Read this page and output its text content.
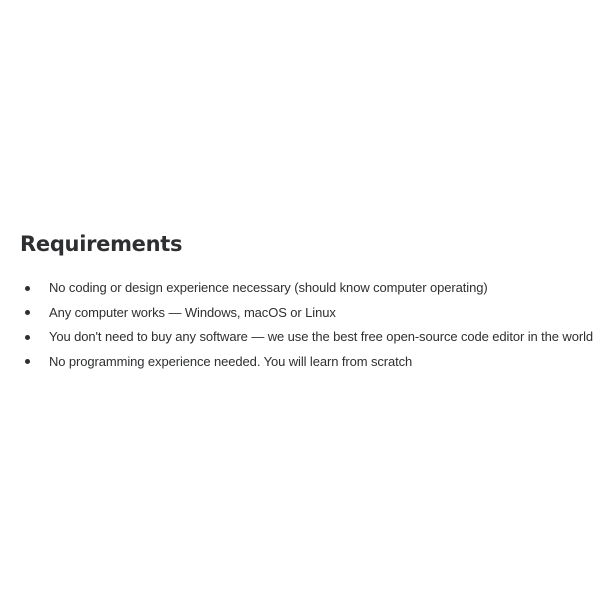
Requirements
No coding or design experience necessary (should know computer operating)
Any computer works — Windows, macOS or Linux
You don't need to buy any software — we use the best free open-source code editor in the world
No programming experience needed. You will learn from scratch
